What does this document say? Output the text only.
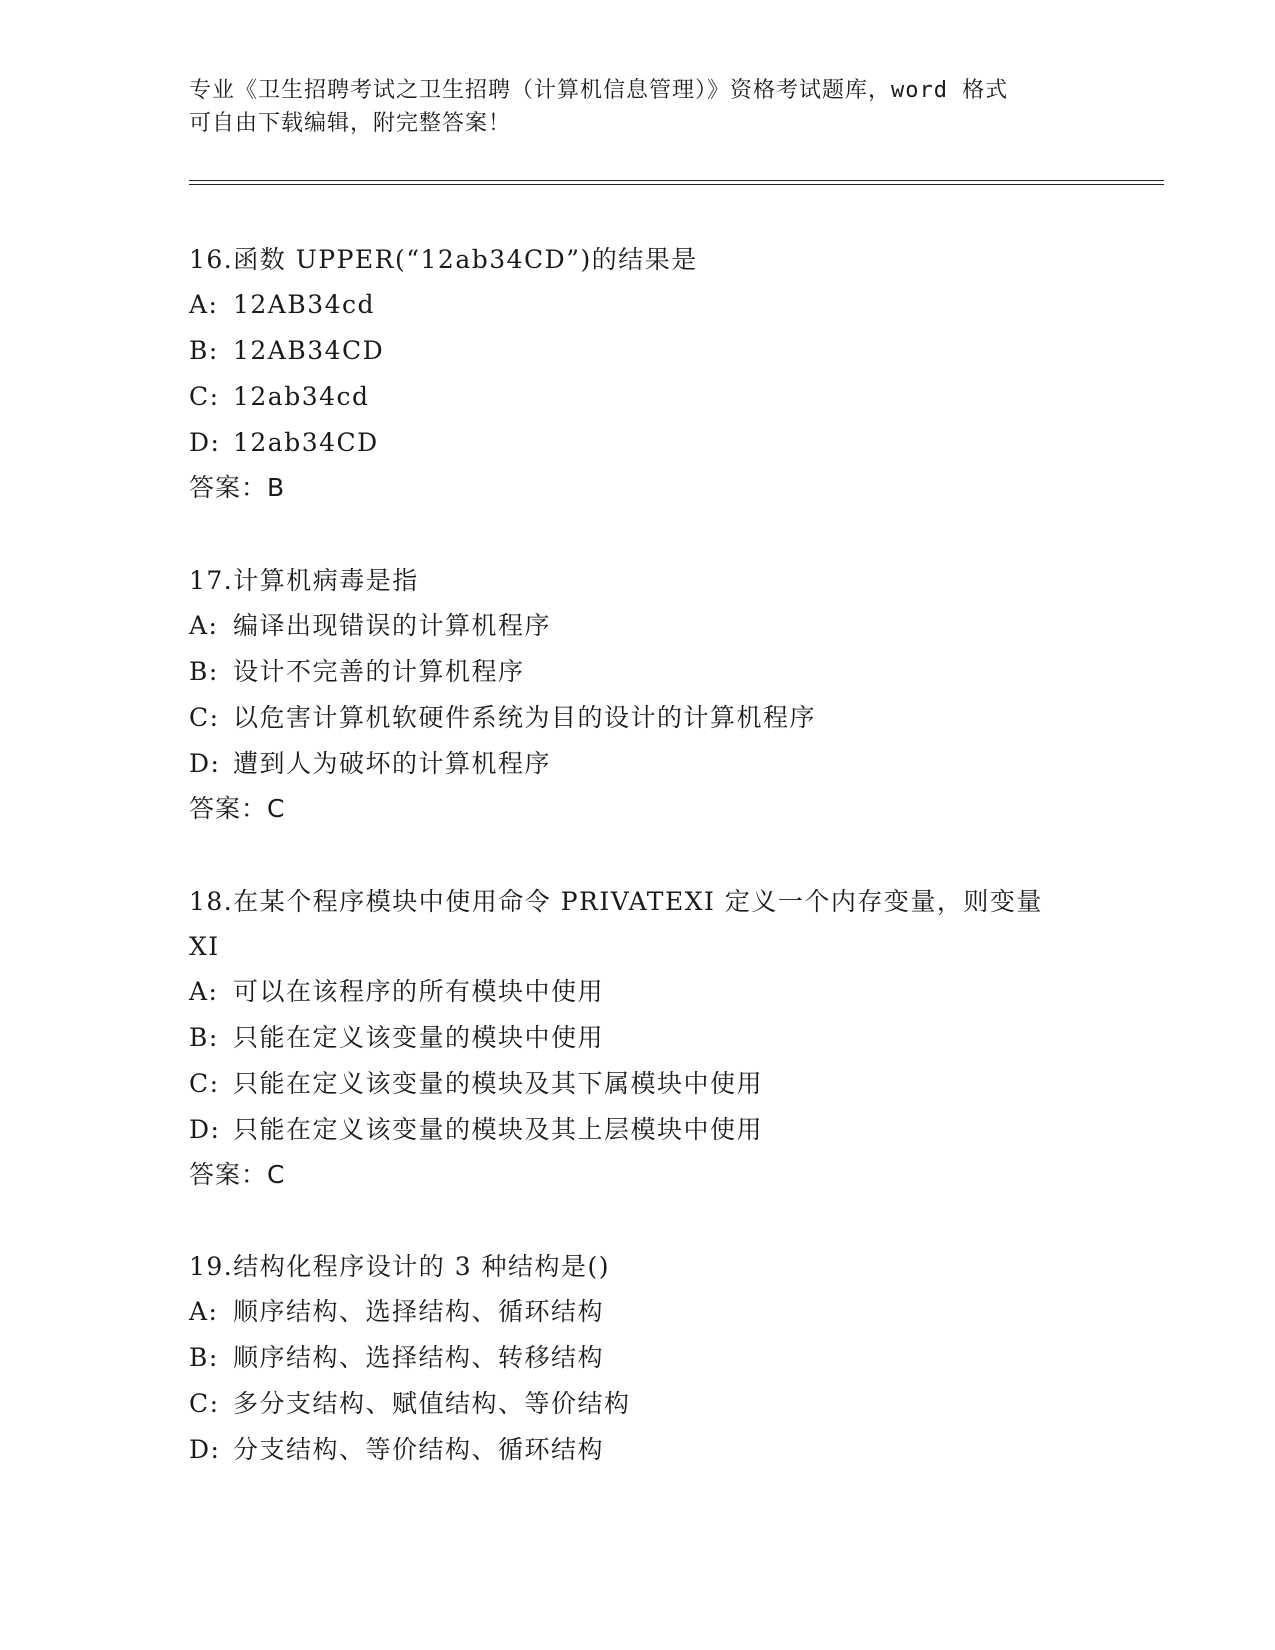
专业《卫生招聘考试之卫生招聘（计算机信息管理）》资格考试题库，word 格式
可自由下载编辑，附完整答案！

16.函数 UPPER(“12ab34CD”)的结果是

A: 12AB34cd

B: 12AB34CD

C: 12ab34cd

D: 12ab34CD

答案：B

17.计算机病毒是指

A: 编译出现错误的计算机程序

B: 设计不完善的计算机程序

C: 以危害计算机软硬件系统为目的设计的计算机程序

D: 遭到人为破坏的计算机程序

答案：C

18.在某个程序模块中使用命令 PRIVATEXI 定义一个内存变量，则变量

XI

A: 可以在该程序的所有模块中使用

B: 只能在定义该变量的模块中使用

C: 只能在定义该变量的模块及其下属模块中使用

D: 只能在定义该变量的模块及其上层模块中使用

答案：C

19.结构化程序设计的 3 种结构是()

A: 顺序结构、选择结构、循环结构

B: 顺序结构、选择结构、转移结构

C: 多分支结构、赋值结构、等价结构

D: 分支结构、等价结构、循环结构
